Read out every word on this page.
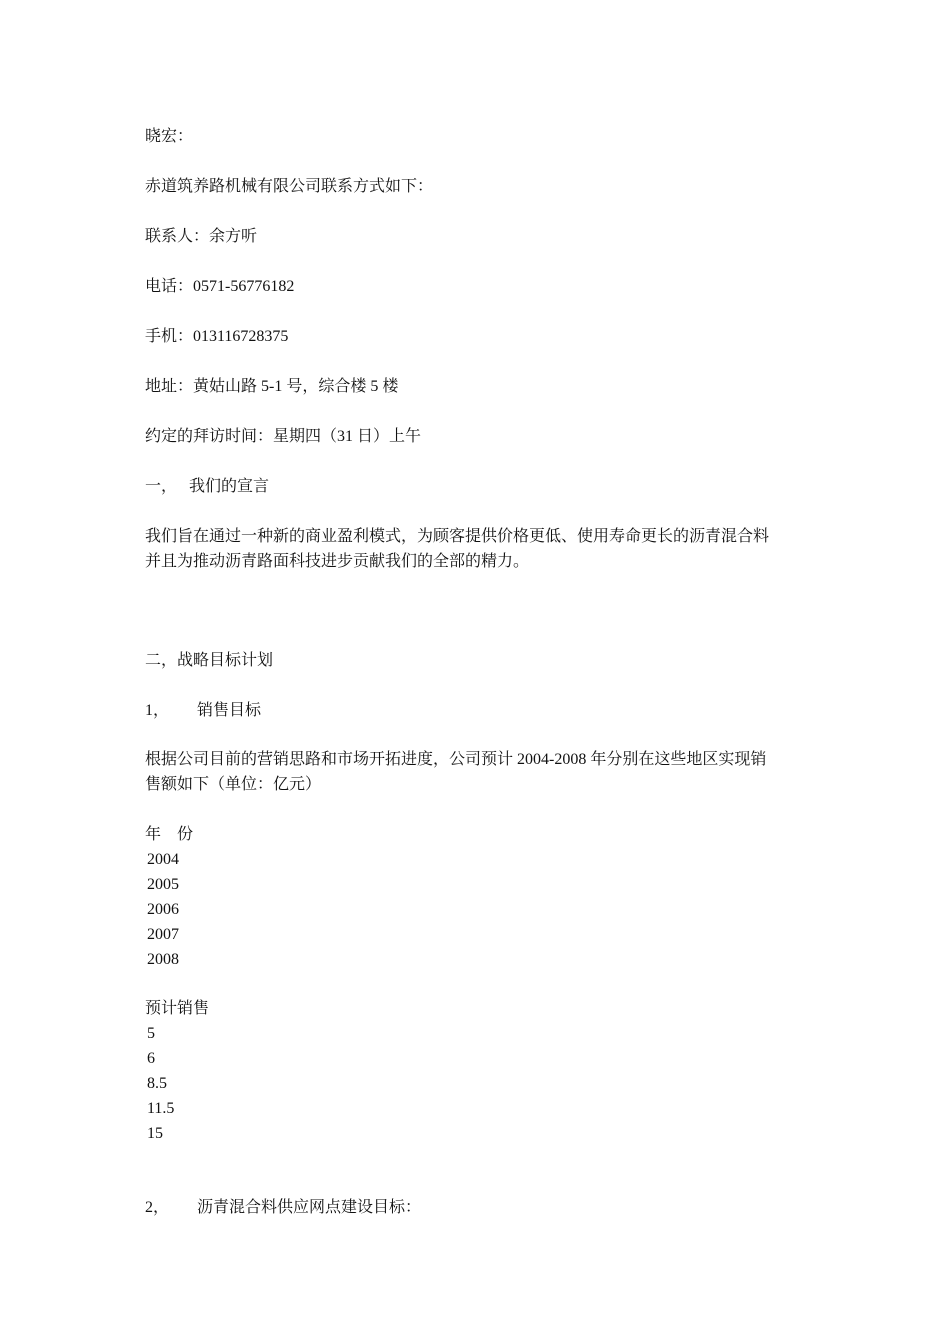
晓宏：
赤道筑养路机械有限公司联系方式如下：
联系人：余方听
电话：0571-56776182
手机：013116728375
地址：黄姑山路 5-1 号，综合楼 5 楼
约定的拜访时间：星期四（31 日）上午
一， 我们的宣言
我们旨在通过一种新的商业盈利模式，为顾客提供价格更低、使用寿命更长的沥青混合料
并且为推动沥青路面科技进步贡献我们的全部的精力。
二，战略目标计划
1， 销售目标
根据公司目前的营销思路和市场开拓进度，公司预计 2004-2008 年分别在这些地区实现销
售额如下（单位：亿元）
年　份
2004
2005
2006
2007
2008
预计销售
5
6
8.5
11.5
15
2， 沥青混合料供应网点建设目标：
